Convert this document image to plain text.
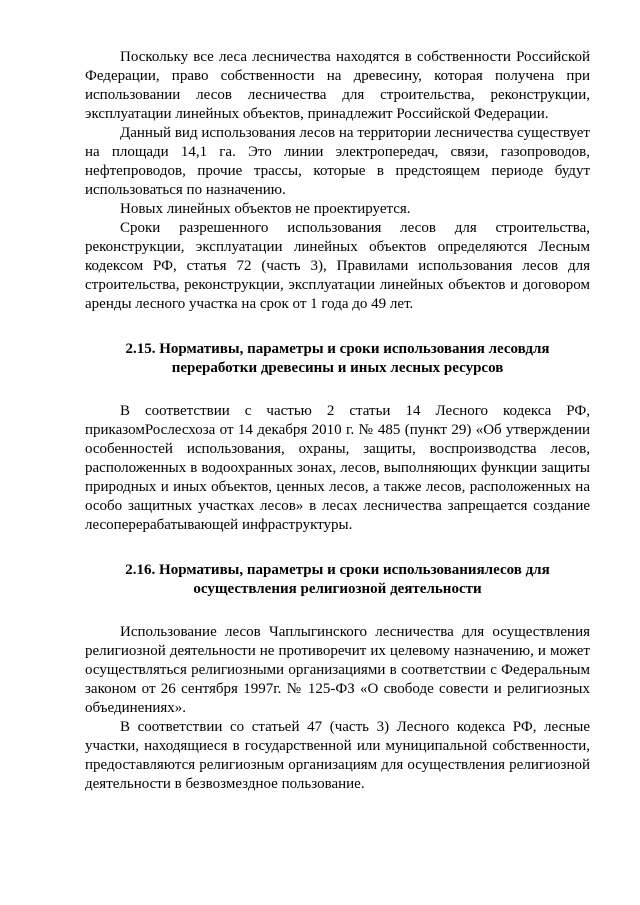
Поскольку все леса лесничества находятся в собственности Российской Федерации, право собственности на древесину, которая получена при использовании лесов лесничества для строительства, реконструкции, эксплуатации линейных объектов, принадлежит Российской Федерации.

Данный вид использования лесов на территории лесничества существует на площади 14,1 га. Это линии электропередач, связи, газопроводов, нефтепроводов, прочие трассы, которые в предстоящем периоде будут использоваться по назначению.

Новых линейных объектов не проектируется.

Сроки разрешенного использования лесов для строительства, реконструкции, эксплуатации линейных объектов определяются Лесным кодексом РФ, статья 72 (часть 3), Правилами использования лесов для строительства, реконструкции, эксплуатации линейных объектов и договором аренды лесного участка на срок от 1 года до 49 лет.

2.15. Нормативы, параметры и сроки использования лесовдля
переработки древесины и иных лесных ресурсов

В соответствии с частью 2 статьи 14 Лесного кодекса РФ, приказомРослесхоза от 14 декабря 2010 г. № 485 (пункт 29) «Об утверждении особенностей использования, охраны, защиты, воспроизводства лесов, расположенных в водоохранных зонах, лесов, выполняющих функции защиты природных и иных объектов, ценных лесов, а также лесов, расположенных на особо защитных участках лесов» в лесах лесничества запрещается создание лесоперерабатывающей инфраструктуры.

2.16. Нормативы, параметры и сроки использованиялесов для
осуществления религиозной деятельности

Использование лесов Чаплыгинского лесничества для осуществления религиозной деятельности не противоречит их целевому назначению, и может осуществляться религиозными организациями в соответствии с Федеральным законом от 26 сентября 1997г. № 125-ФЗ «О свободе совести и религиозных объединениях».

В соответствии со статьей 47 (часть 3) Лесного кодекса РФ, лесные участки, находящиеся в государственной или муниципальной собственности, предоставляются религиозным организациям для осуществления религиозной деятельности в безвозмездное пользование.
